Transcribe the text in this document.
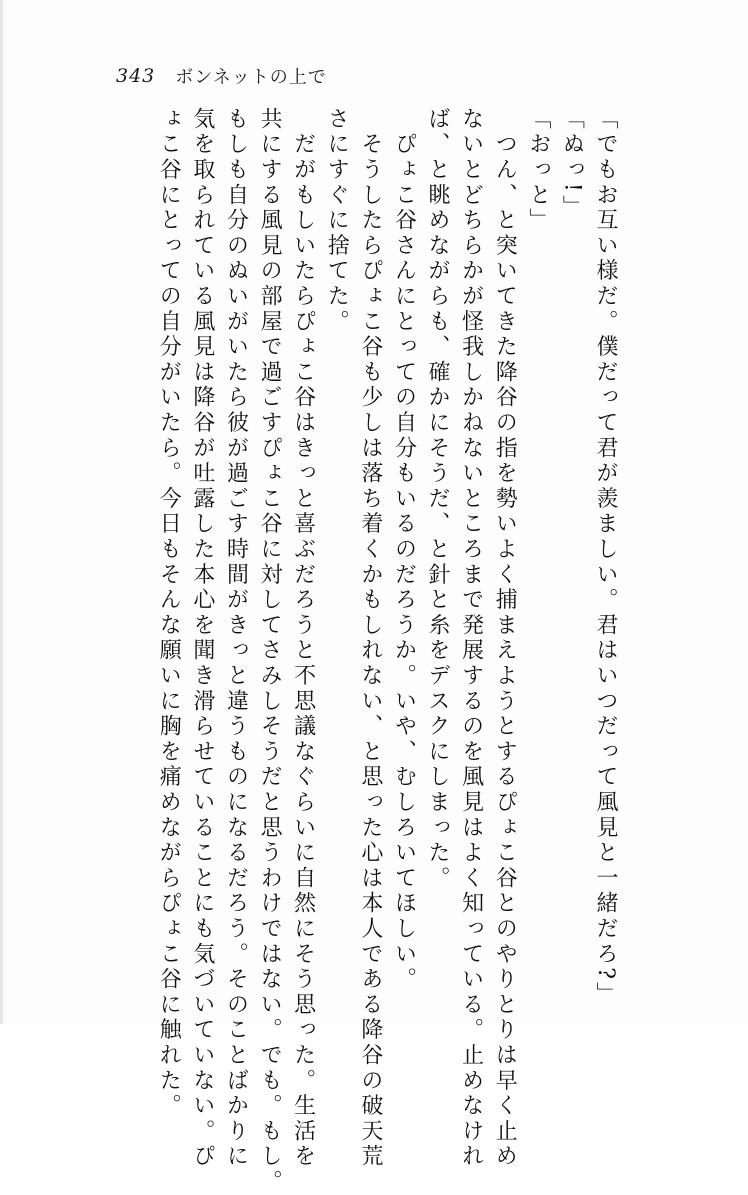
343 ボンネットの上で

「でもお互い様だ。僕だって君が羨ましい。君はいつだって風見と一緒だろ?」

「ぬっ!」

「おっと」

　つん、と突いてきた降谷の指を勢いよく捕まえようとするぴょこ谷とのやりとりは早く止め

ないとどちらかが怪我しかねないところまで発展するのを風見はよく知っている。止めなけれ

ば、と眺めながらも、確かにそうだ、と針と糸をデスクにしまった。

　ぴょこ谷さんにとっての自分もいるのだろうか。いや、むしろいてほしい。

　そうしたらぴょこ谷も少しは落ち着くかもしれない、と思った心は本人である降谷の破天荒

さにすぐに捨てた。

　だがもしいたらぴょこ谷はきっと喜ぶだろうと不思議なぐらいに自然にそう思った。生活を

共にする風見の部屋で過ごすぴょこ谷に対してさみしそうだと思うわけではない。でも。もし。

もしも自分のぬいがいたら彼が過ごす時間がきっと違うものになるだろう。そのことばかりに

気を取られている風見は降谷が吐露した本心を聞き滑らせていることにも気づいていない。ぴ

ょこ谷にとっての自分がいたら。今日もそんな願いに胸を痛めながらぴょこ谷に触れた。
